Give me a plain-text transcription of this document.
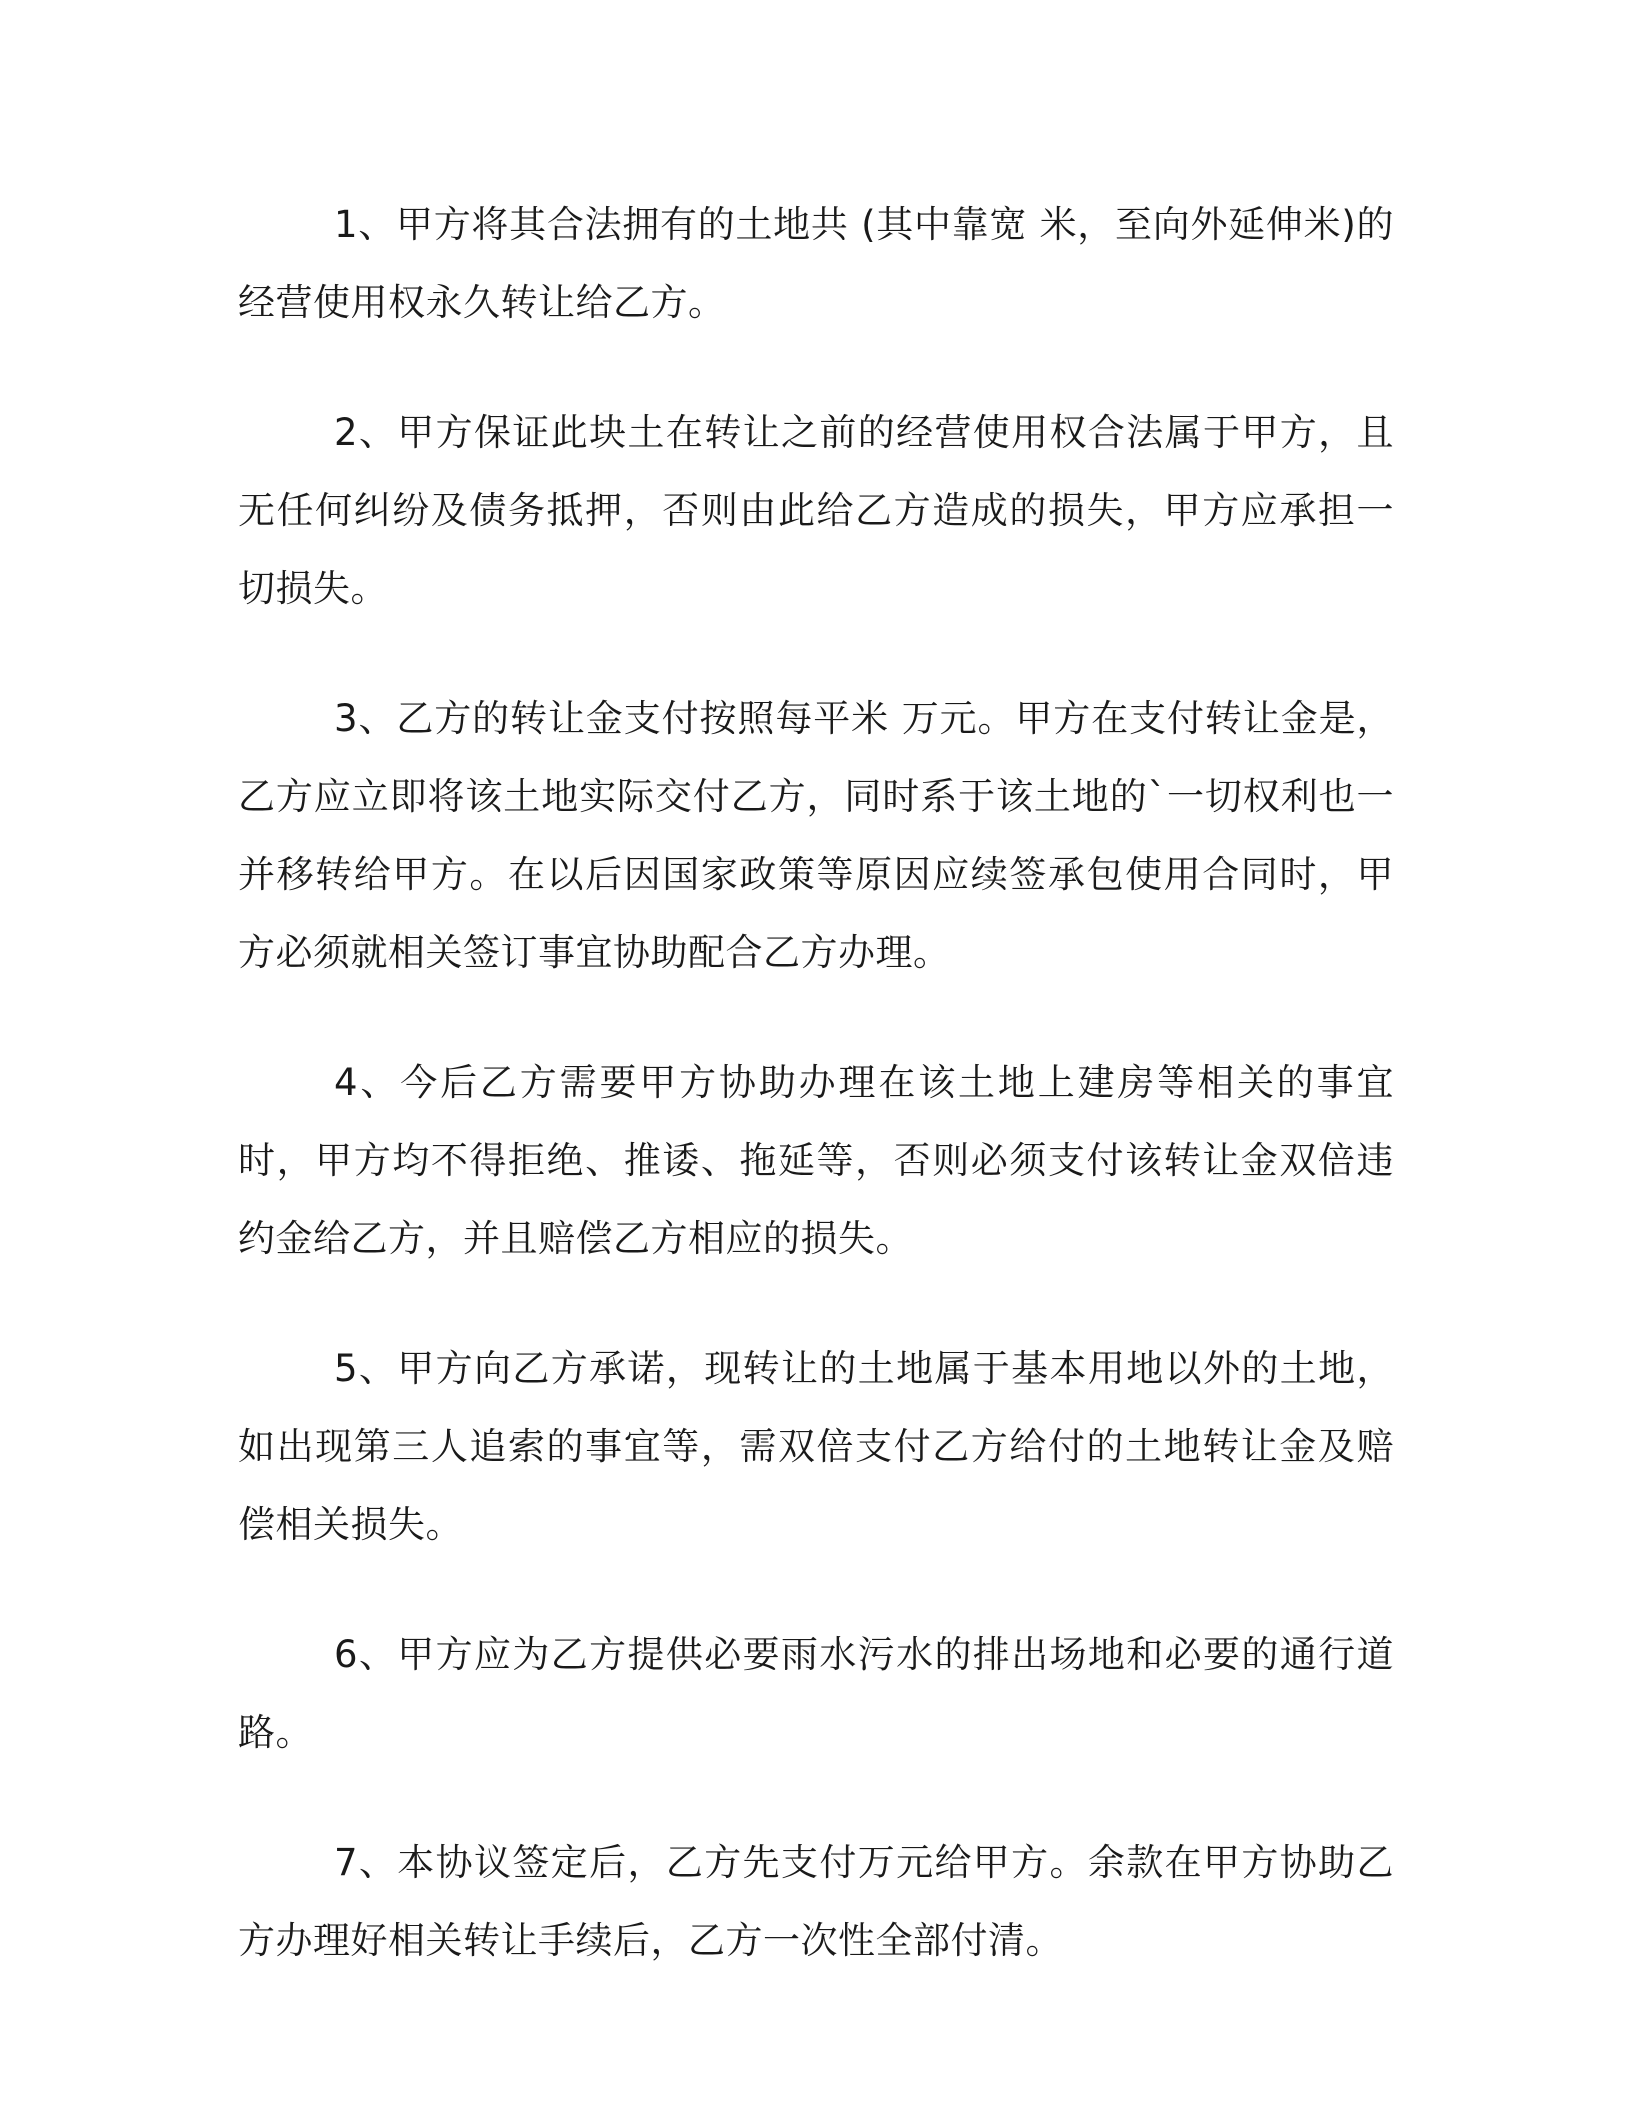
1、甲方将其合法拥有的土地共 (其中靠宽 米，至向外延伸米)的经营使用权永久转让给乙方。

2、甲方保证此块土在转让之前的经营使用权合法属于甲方，且无任何纠纷及债务抵押，否则由此给乙方造成的损失，甲方应承担一切损失。

3、乙方的转让金支付按照每平米 万元。甲方在支付转让金是，乙方应立即将该土地实际交付乙方，同时系于该土地的`一切权利也一并移转给甲方。在以后因国家政策等原因应续签承包使用合同时，甲方必须就相关签订事宜协助配合乙方办理。

4、今后乙方需要甲方协助办理在该土地上建房等相关的事宜时，甲方均不得拒绝、推诿、拖延等，否则必须支付该转让金双倍违约金给乙方，并且赔偿乙方相应的损失。

5、甲方向乙方承诺，现转让的土地属于基本用地以外的土地，如出现第三人追索的事宜等，需双倍支付乙方给付的土地转让金及赔偿相关损失。

6、甲方应为乙方提供必要雨水污水的排出场地和必要的通行道路。

7、本协议签定后，乙方先支付万元给甲方。余款在甲方协助乙方办理好相关转让手续后，乙方一次性全部付清。
